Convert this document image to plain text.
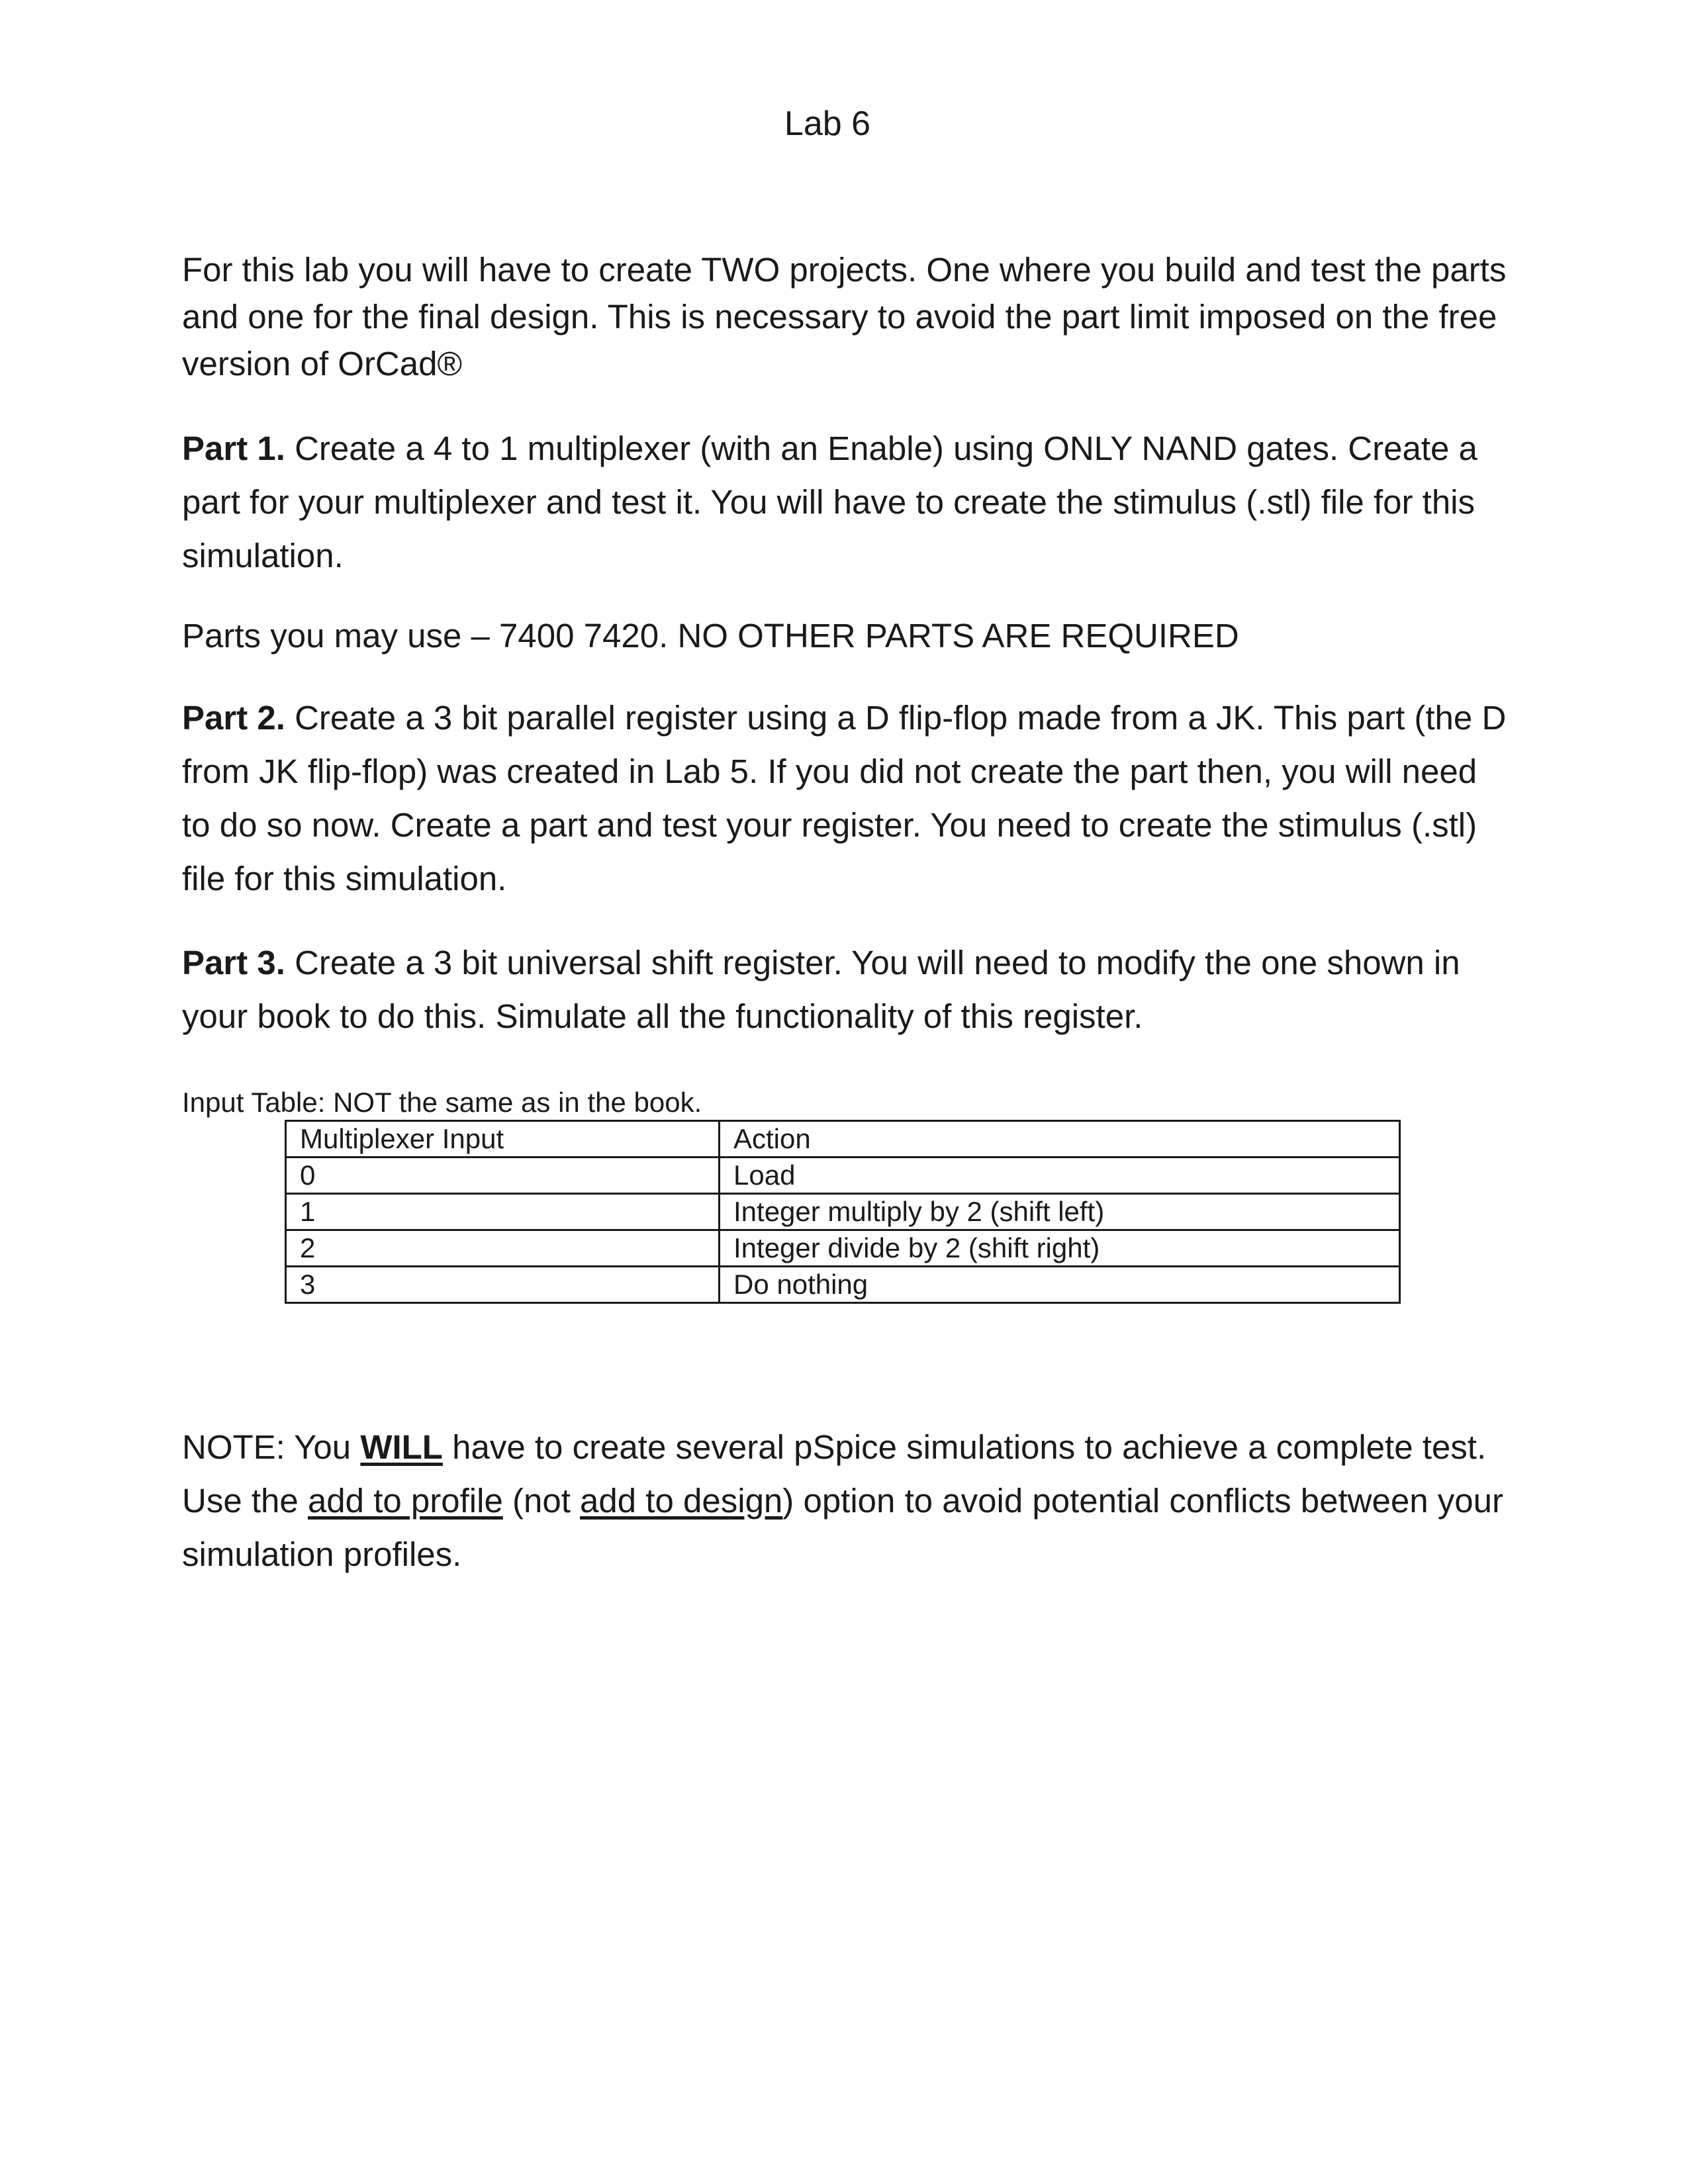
Lab 6

For this lab you will have to create TWO projects. One where you build and test the parts and one for the final design. This is necessary to avoid the part limit imposed on the free version of OrCad®

Part 1. Create a 4 to 1 multiplexer (with an Enable) using ONLY NAND gates. Create a part for your multiplexer and test it. You will have to create the stimulus (.stl) file for this simulation.

Parts you may use – 7400 7420. NO OTHER PARTS ARE REQUIRED

Part 2. Create a 3 bit parallel register using a D flip-flop made from a JK. This part (the D from JK flip-flop) was created in Lab 5. If you did not create the part then, you will need to do so now. Create a part and test your register. You need to create the stimulus (.stl) file for this simulation.

Part 3. Create a 3 bit universal shift register. You will need to modify the one shown in your book to do this. Simulate all the functionality of this register.

Input Table: NOT the same as in the book.
Multiplexer Input	Action
0	Load
1	Integer multiply by 2 (shift left)
2	Integer divide by 2 (shift right)
3	Do nothing

NOTE: You WILL have to create several pSpice simulations to achieve a complete test. Use the add to profile (not add to design) option to avoid potential conflicts between your simulation profiles.
